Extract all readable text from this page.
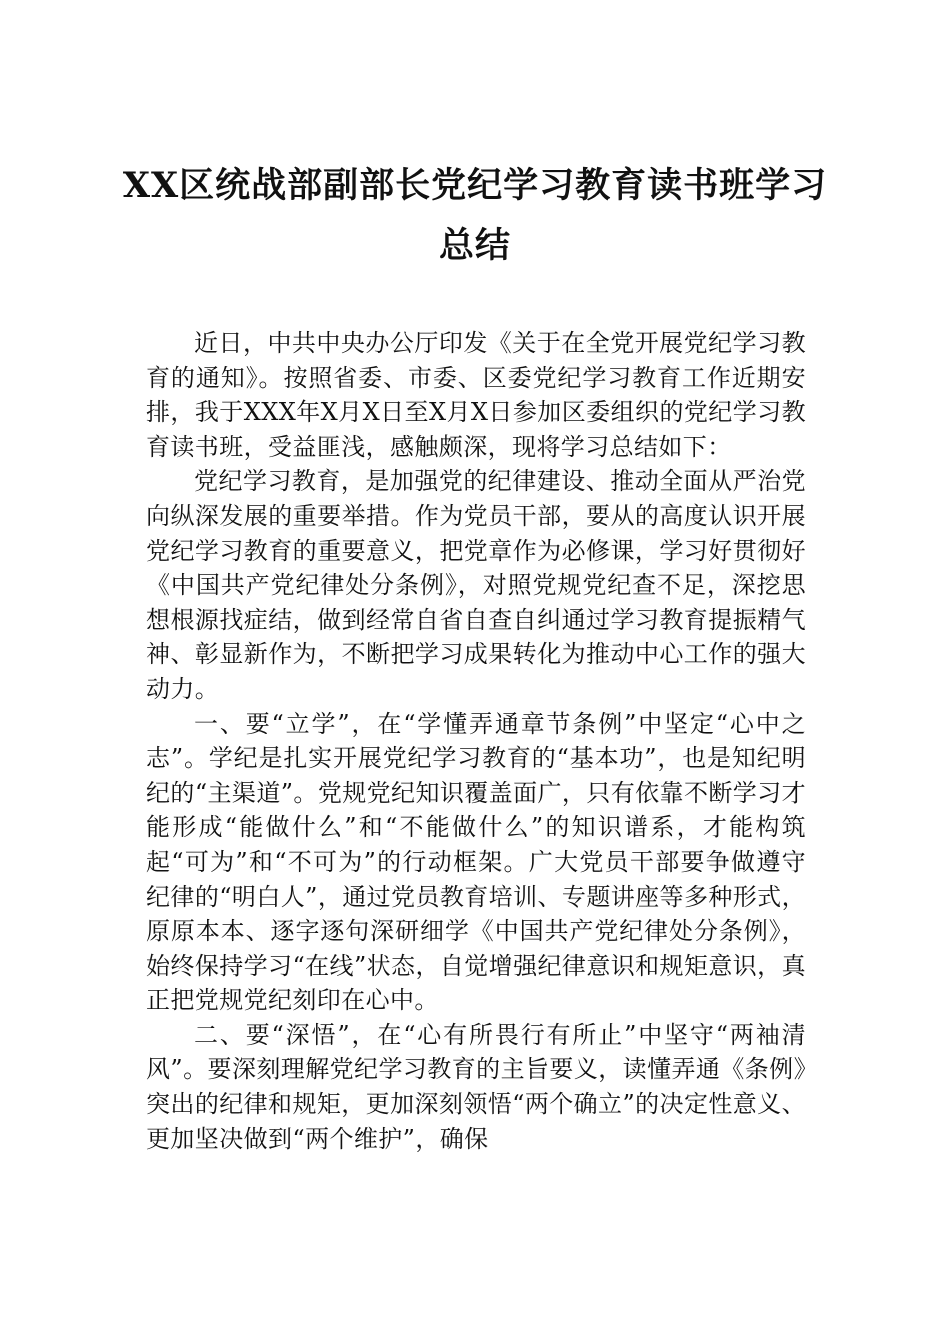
XX区统战部副部长党纪学习教育读书班学习总结

近日，中共中央办公厅印发《关于在全党开展党纪学习教育的通知》。按照省委、市委、区委党纪学习教育工作近期安排，我于XXX年X月X日至X月X日参加区委组织的党纪学习教育读书班，受益匪浅，感触颇深，现将学习总结如下：

党纪学习教育，是加强党的纪律建设、推动全面从严治党向纵深发展的重要举措。作为党员干部，要从的高度认识开展党纪学习教育的重要意义，把党章作为必修课，学习好贯彻好《中国共产党纪律处分条例》，对照党规党纪查不足，深挖思想根源找症结，做到经常自省自查自纠通过学习教育提振精气神、彰显新作为，不断把学习成果转化为推动中心工作的强大动力。

一、要“立学”，在“学懂弄通章节条例”中坚定“心中之志”。学纪是扎实开展党纪学习教育的“基本功”，也是知纪明纪的“主渠道”。党规党纪知识覆盖面广，只有依靠不断学习才能形成“能做什么”和“不能做什么”的知识谱系，才能构筑起“可为”和“不可为”的行动框架。广大党员干部要争做遵守纪律的“明白人”，通过党员教育培训、专题讲座等多种形式，原原本本、逐字逐句深研细学《中国共产党纪律处分条例》，始终保持学习“在线”状态，自觉增强纪律意识和规矩意识，真正把党规党纪刻印在心中。

二、要“深悟”，在“心有所畏行有所止”中坚守“两袖清风”。要深刻理解党纪学习教育的主旨要义，读懂弄通《条例》突出的纪律和规矩，更加深刻领悟“两个确立”的决定性意义、更加坚决做到“两个维护”，确保
